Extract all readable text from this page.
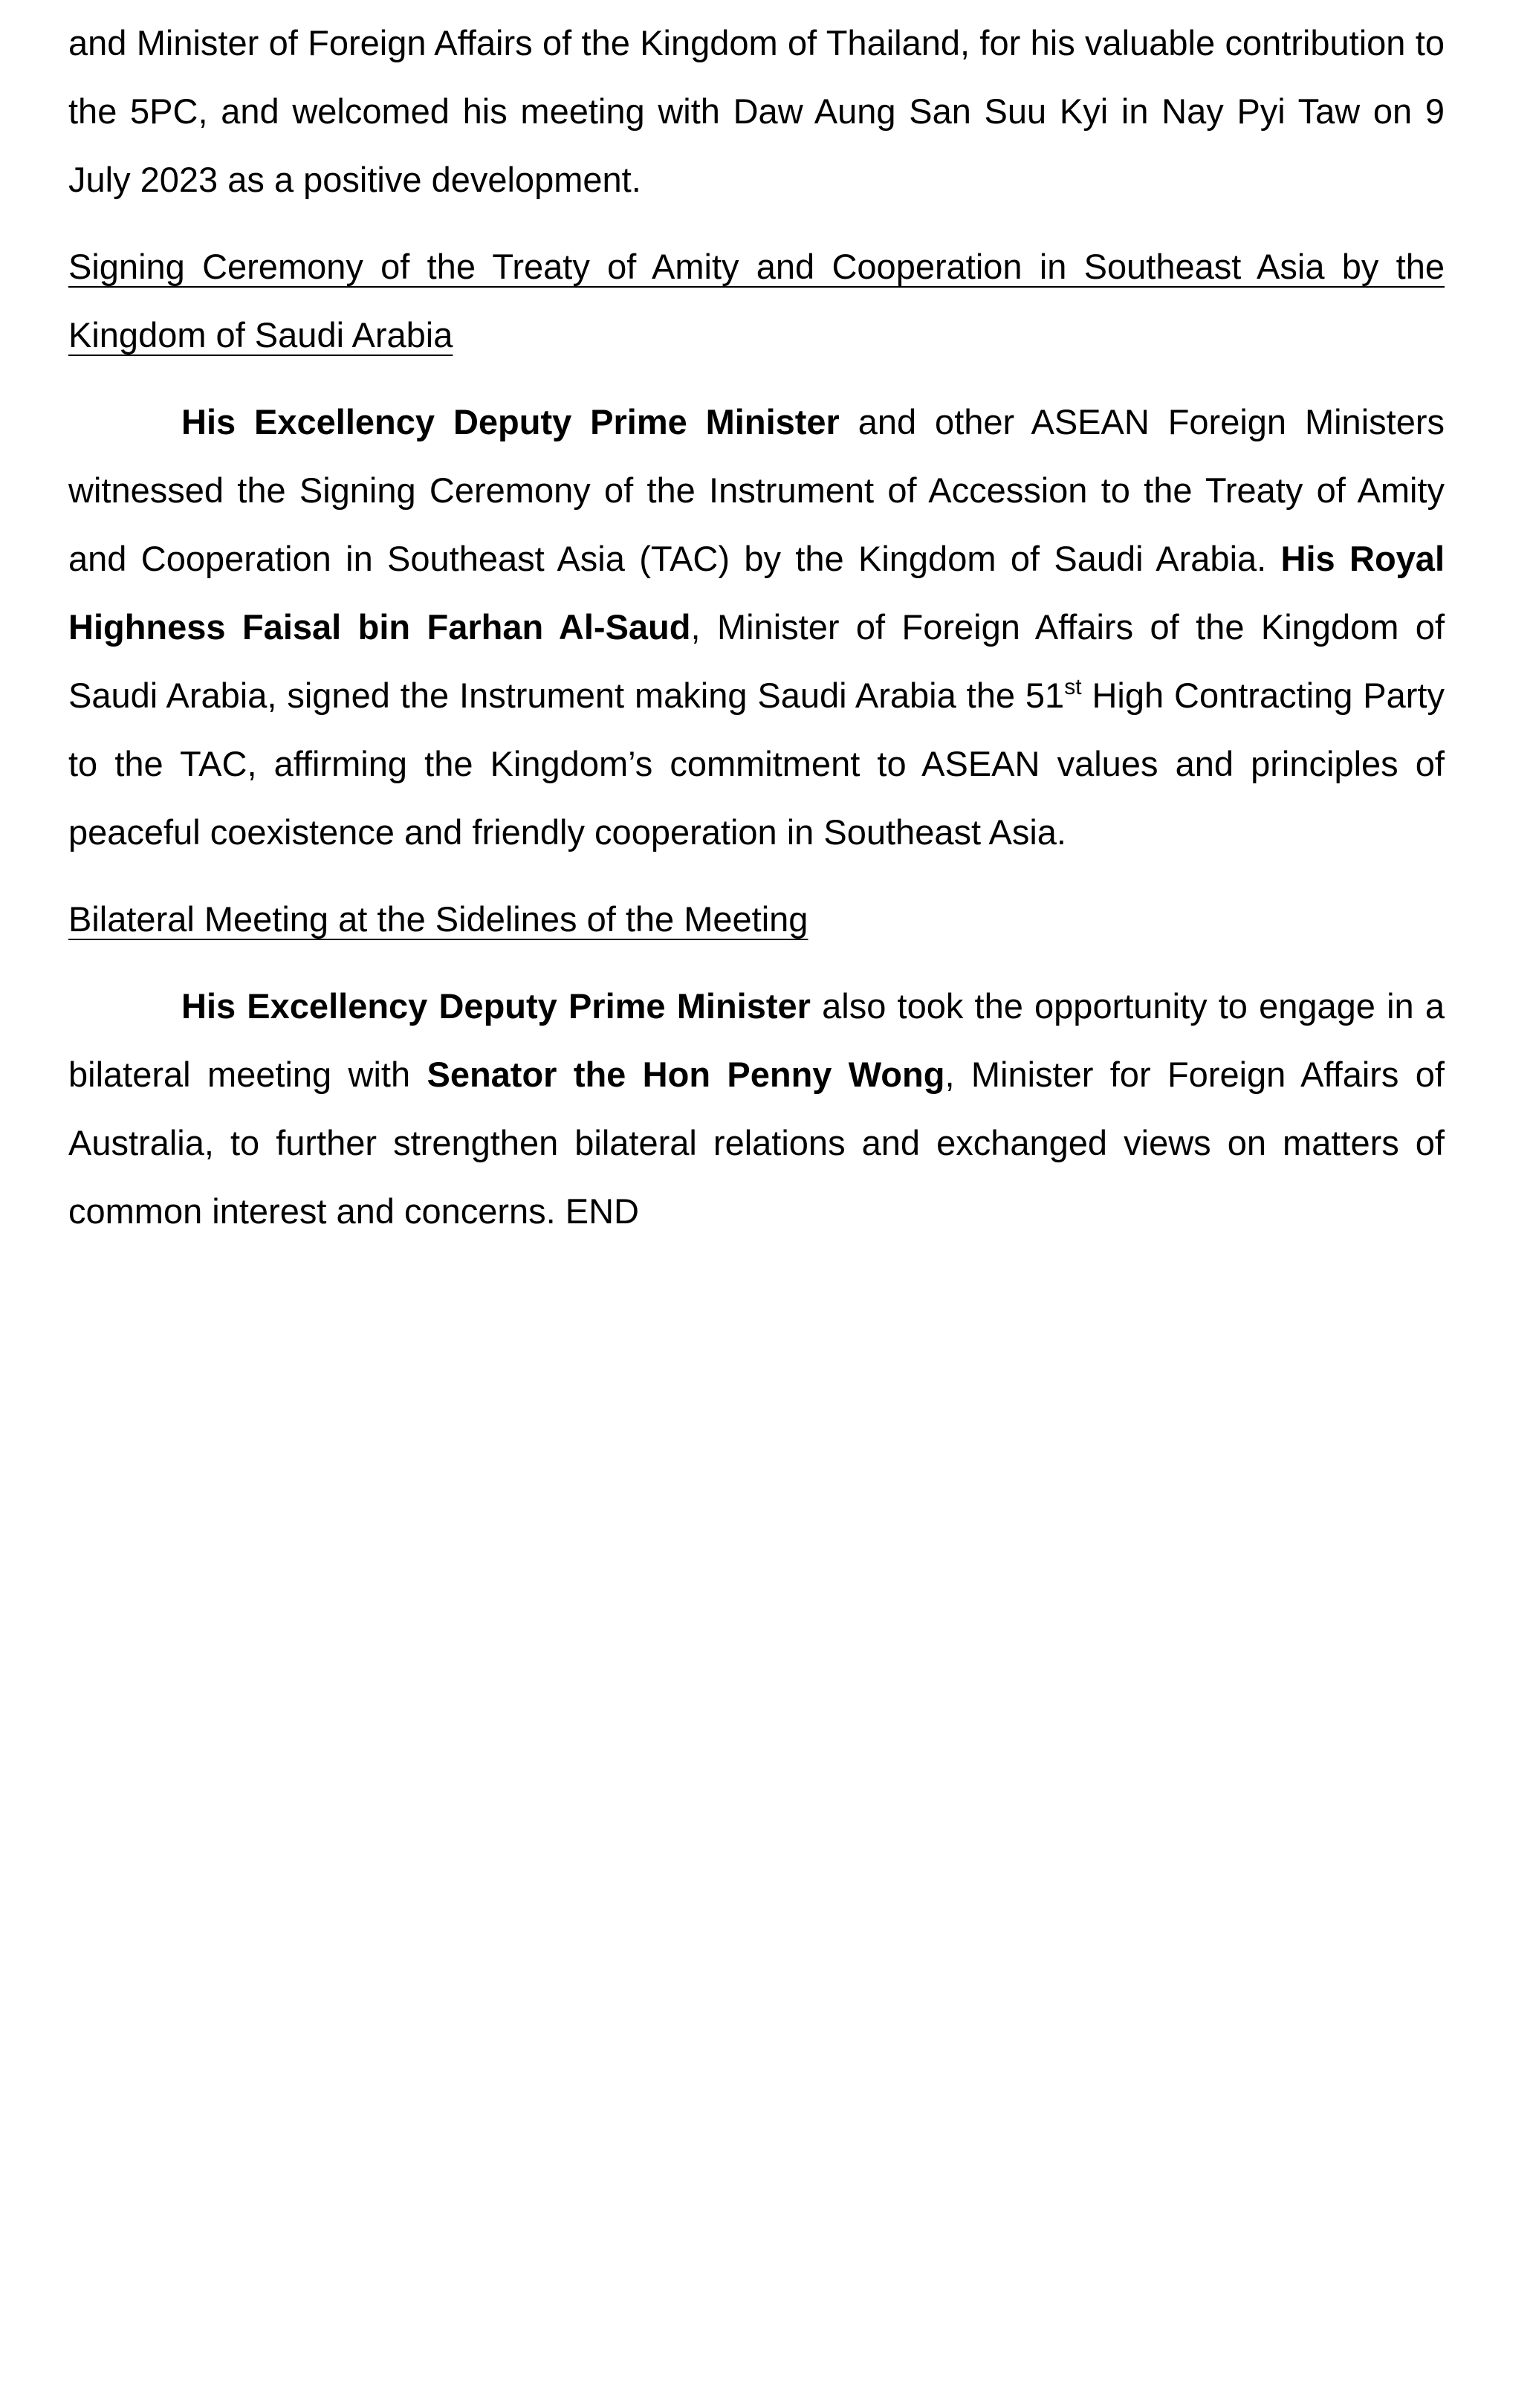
and Minister of Foreign Affairs of the Kingdom of Thailand, for his valuable contribution to the 5PC, and welcomed his meeting with Daw Aung San Suu Kyi in Nay Pyi Taw on 9 July 2023 as a positive development.

Signing Ceremony of the Treaty of Amity and Cooperation in Southeast Asia by the Kingdom of Saudi Arabia

His Excellency Deputy Prime Minister and other ASEAN Foreign Ministers witnessed the Signing Ceremony of the Instrument of Accession to the Treaty of Amity and Cooperation in Southeast Asia (TAC) by the Kingdom of Saudi Arabia. His Royal Highness Faisal bin Farhan Al-Saud, Minister of Foreign Affairs of the Kingdom of Saudi Arabia, signed the Instrument making Saudi Arabia the 51st High Contracting Party to the TAC, affirming the Kingdom’s commitment to ASEAN values and principles of peaceful coexistence and friendly cooperation in Southeast Asia.

Bilateral Meeting at the Sidelines of the Meeting

His Excellency Deputy Prime Minister also took the opportunity to engage in a bilateral meeting with Senator the Hon Penny Wong, Minister for Foreign Affairs of Australia, to further strengthen bilateral relations and exchanged views on matters of common interest and concerns. END
